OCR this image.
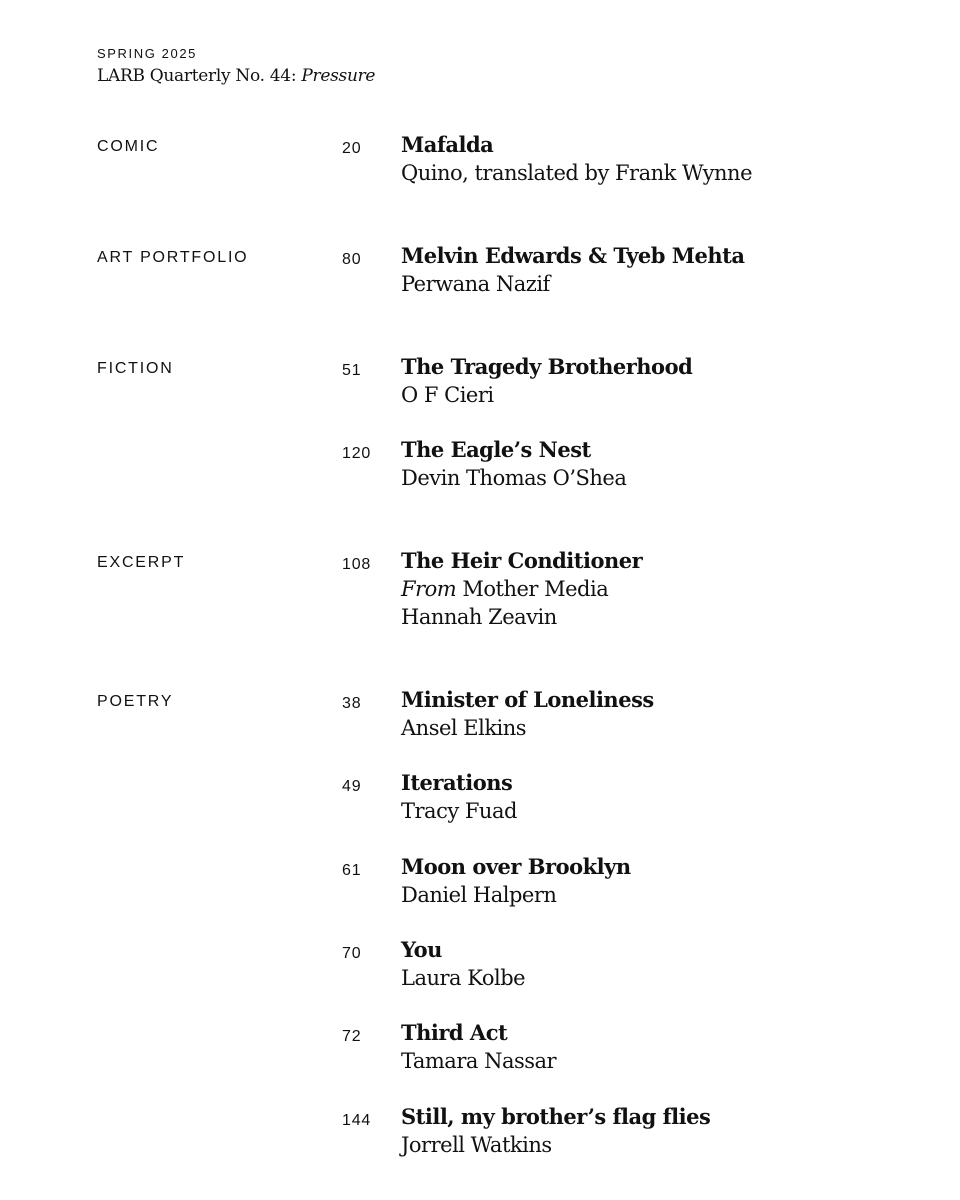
SPRING 2025
LARB Quarterly No. 44: Pressure
COMIC	20 Mafalda
Quino, translated by Frank Wynne
ART PORTFOLIO	80 Melvin Edwards & Tyeb Mehta
Perwana Nazif
FICTION	51 The Tragedy Brotherhood
O F Cieri
120 The Eagle’s Nest
Devin Thomas O’Shea
EXCERPT	108 The Heir Conditioner
From Mother Media
Hannah Zeavin
POETRY	38 Minister of Loneliness
Ansel Elkins
49 Iterations
Tracy Fuad
61 Moon over Brooklyn
Daniel Halpern
70 You
Laura Kolbe
72 Third Act
Tamara Nassar
144 Still, my brother’s flag flies
Jorrell Watkins
